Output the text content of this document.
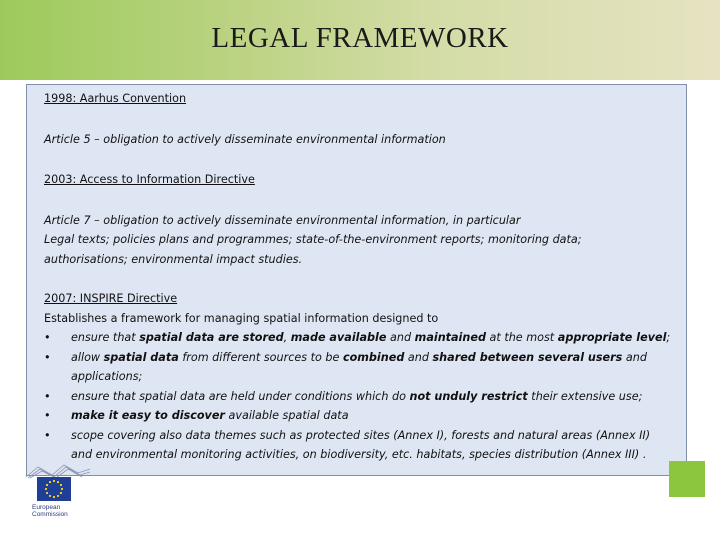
LEGAL FRAMEWORK
1998: Aarhus Convention
Article 5 – obligation to actively disseminate environmental information
2003: Access to Information Directive
Article 7 – obligation to actively disseminate environmental information, in particular
Legal texts; policies plans and programmes; state-of-the-environment reports; monitoring data;
authorisations; environmental impact studies.
2007: INSPIRE Directive
Establishes a framework for managing spatial information designed to
• ensure that spatial data are stored, made available and maintained at the most appropriate level;
• allow spatial data from different sources to be combined and shared between several users and applications;
• ensure that spatial data are held under conditions which do not unduly restrict their extensive use;
• make it easy to discover available spatial data
• scope covering also data themes such as protected sites (Annex I), forests and natural areas (Annex II) and environmental monitoring activities, on biodiversity, etc. habitats, species distribution (Annex III) .
European
Commission
